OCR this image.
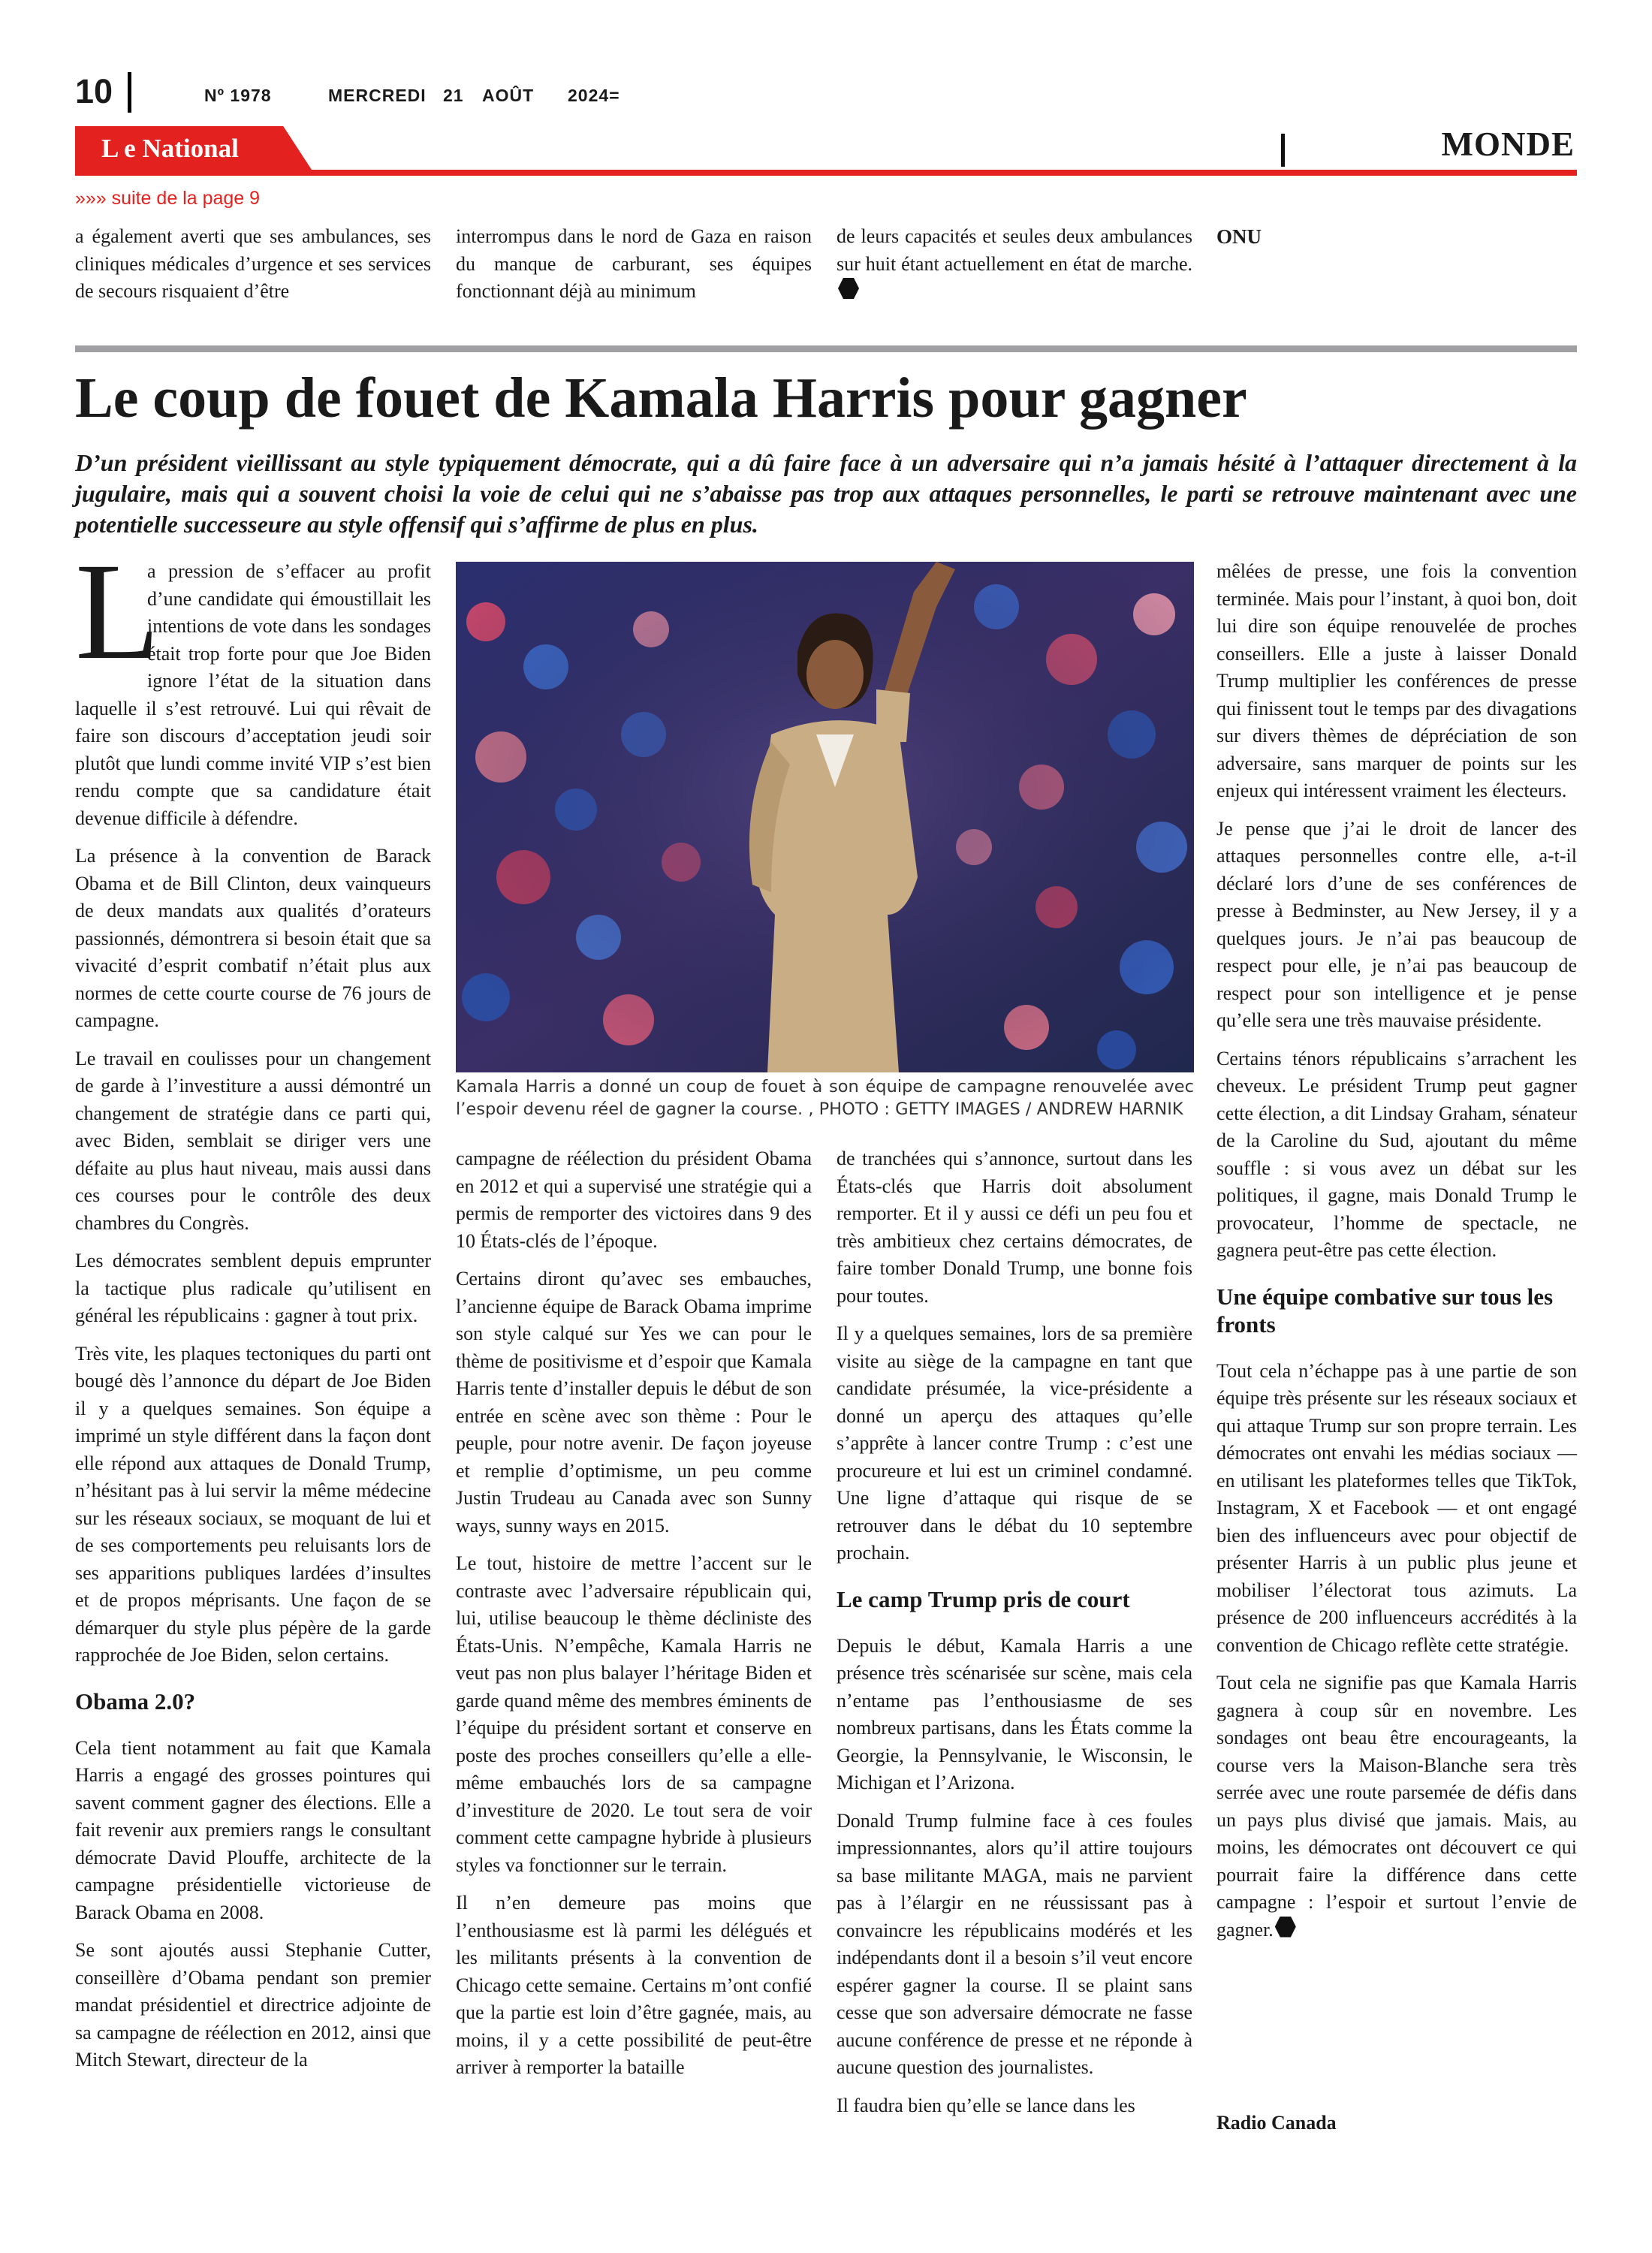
10	Nº 1978	MERCREDI 21 AOÛT 2024=
L e National	MONDE
»»» suite de la page 9

a également averti que ses ambulances, ses cliniques médicales d’urgence et ses services de secours risquaient d’être

interrompus dans le nord de Gaza en raison du manque de carburant, ses équipes fonctionnant déjà au minimum

de leurs capacités et seules deux ambulances sur huit étant actuellement en état de marche.

ONU
Le coup de fouet de Kamala Harris pour gagner
D’un président vieillissant au style typiquement démocrate, qui a dû faire face à un adversaire qui n’a jamais hésité à l’attaquer directement à la jugulaire, mais qui a souvent choisi la voie de celui qui ne s’abaisse pas trop aux attaques personnelles, le parti se retrouve maintenant avec une potentielle successeure au style offensif qui s’affirme de plus en plus.
L

a pression de s’effacer au profit d’une candidate qui émoustillait les intentions de vote dans les sondages était trop forte pour que Joe Biden ignore l’état de la situation dans laquelle il s’est retrouvé. Lui qui rêvait de faire son discours d’acceptation jeudi soir plutôt que lundi comme invité VIP s’est bien rendu compte que sa candidature était devenue difficile à défendre.

La présence à la convention de Barack Obama et de Bill Clinton, deux vainqueurs de deux mandats aux qualités d’orateurs passionnés, démontrera si besoin était que sa vivacité d’esprit combatif n’était plus aux normes de cette courte course de 76 jours de campagne.

Le travail en coulisses pour un changement de garde à l’investiture a aussi démontré un changement de stratégie dans ce parti qui, avec Biden, semblait se diriger vers une défaite au plus haut niveau, mais aussi dans ces courses pour le contrôle des deux chambres du Congrès.

Les démocrates semblent depuis emprunter la tactique plus radicale qu’utilisent en général les républicains : gagner à tout prix.

Très vite, les plaques tectoniques du parti ont bougé dès l’annonce du départ de Joe Biden il y a quelques semaines. Son équipe a imprimé un style différent dans la façon dont elle répond aux attaques de Donald Trump, n’hésitant pas à lui servir la même médecine sur les réseaux sociaux, se moquant de lui et de ses comportements peu reluisants lors de ses apparitions publiques lardées d’insultes et de propos méprisants. Une façon de se démarquer du style plus pépère de la garde rapprochée de Joe Biden, selon certains.

Obama 2.0?

Cela tient notamment au fait que Kamala Harris a engagé des grosses pointures qui savent comment gagner des élections. Elle a fait revenir aux premiers rangs le consultant démocrate David Plouffe, architecte de la campagne présidentielle victorieuse de Barack Obama en 2008.

Se sont ajoutés aussi Stephanie Cutter, conseillère d’Obama pendant son premier mandat présidentiel et directrice adjointe de sa campagne de réélection en 2012, ainsi que Mitch Stewart, directeur de la

Kamala Harris a donné un coup de fouet à son équipe de campagne renouvelée avec l’espoir devenu réel de gagner la course. , PHOTO : GETTY IMAGES / ANDREW HARNIK

campagne de réélection du président Obama en 2012 et qui a supervisé une stratégie qui a permis de remporter des victoires dans 9 des 10 États-clés de l’époque.

Certains diront qu’avec ses embauches, l’ancienne équipe de Barack Obama imprime son style calqué sur Yes we can pour le thème de positivisme et d’espoir que Kamala Harris tente d’installer depuis le début de son entrée en scène avec son thème : Pour le peuple, pour notre avenir. De façon joyeuse et remplie d’optimisme, un peu comme Justin Trudeau au Canada avec son Sunny ways, sunny ways en 2015.

Le tout, histoire de mettre l’accent sur le contraste avec l’adversaire républicain qui, lui, utilise beaucoup le thème décliniste des États-Unis. N’empêche, Kamala Harris ne veut pas non plus balayer l’héritage Biden et garde quand même des membres éminents de l’équipe du président sortant et conserve en poste des proches conseillers qu’elle a elle-même embauchés lors de sa campagne d’investiture de 2020. Le tout sera de voir comment cette campagne hybride à plusieurs styles va fonctionner sur le terrain.

Il n’en demeure pas moins que l’enthousiasme est là parmi les délégués et les militants présents à la convention de Chicago cette semaine. Certains m’ont confié que la partie est loin d’être gagnée, mais, au moins, il y a cette possibilité de peut-être arriver à remporter la bataille

de tranchées qui s’annonce, surtout dans les États-clés que Harris doit absolument remporter. Et il y aussi ce défi un peu fou et très ambitieux chez certains démocrates, de faire tomber Donald Trump, une bonne fois pour toutes.

Il y a quelques semaines, lors de sa première visite au siège de la campagne en tant que candidate présumée, la vice-présidente a donné un aperçu des attaques qu’elle s’apprête à lancer contre Trump : c’est une procureure et lui est un criminel condamné. Une ligne d’attaque qui risque de se retrouver dans le débat du 10 septembre prochain.

Le camp Trump pris de court

Depuis le début, Kamala Harris a une présence très scénarisée sur scène, mais cela n’entame pas l’enthousiasme de ses nombreux partisans, dans les États comme la Georgie, la Pennsylvanie, le Wisconsin, le Michigan et l’Arizona.

Donald Trump fulmine face à ces foules impressionnantes, alors qu’il attire toujours sa base militante MAGA, mais ne parvient pas à l’élargir en ne réussissant pas à convaincre les républicains modérés et les indépendants dont il a besoin s’il veut encore espérer gagner la course. Il se plaint sans cesse que son adversaire démocrate ne fasse aucune conférence de presse et ne réponde à aucune question des journalistes.

Il faudra bien qu’elle se lance dans les

mêlées de presse, une fois la convention terminée. Mais pour l’instant, à quoi bon, doit lui dire son équipe renouvelée de proches conseillers. Elle a juste à laisser Donald Trump multiplier les conférences de presse qui finissent tout le temps par des divagations sur divers thèmes de dépréciation de son adversaire, sans marquer de points sur les enjeux qui intéressent vraiment les électeurs.

Je pense que j’ai le droit de lancer des attaques personnelles contre elle, a-t-il déclaré lors d’une de ses conférences de presse à Bedminster, au New Jersey, il y a quelques jours. Je n’ai pas beaucoup de respect pour elle, je n’ai pas beaucoup de respect pour son intelligence et je pense qu’elle sera une très mauvaise présidente.

Certains ténors républicains s’arrachent les cheveux. Le président Trump peut gagner cette élection, a dit Lindsay Graham, sénateur de la Caroline du Sud, ajoutant du même souffle : si vous avez un débat sur les politiques, il gagne, mais Donald Trump le provocateur, l’homme de spectacle, ne gagnera peut-être pas cette élection.

Une équipe combative sur tous les fronts

Tout cela n’échappe pas à une partie de son équipe très présente sur les réseaux sociaux et qui attaque Trump sur son propre terrain. Les démocrates ont envahi les médias sociaux — en utilisant les plateformes telles que TikTok, Instagram, X et Facebook — et ont engagé bien des influenceurs avec pour objectif de présenter Harris à un public plus jeune et mobiliser l’électorat tous azimuts. La présence de 200 influenceurs accrédités à la convention de Chicago reflète cette stratégie.

Tout cela ne signifie pas que Kamala Harris gagnera à coup sûr en novembre. Les sondages ont beau être encourageants, la course vers la Maison-Blanche sera très serrée avec une route parsemée de défis dans un pays plus divisé que jamais. Mais, au moins, les démocrates ont découvert ce qui pourrait faire la différence dans cette campagne : l’espoir et surtout l’envie de gagner.

Radio Canada
